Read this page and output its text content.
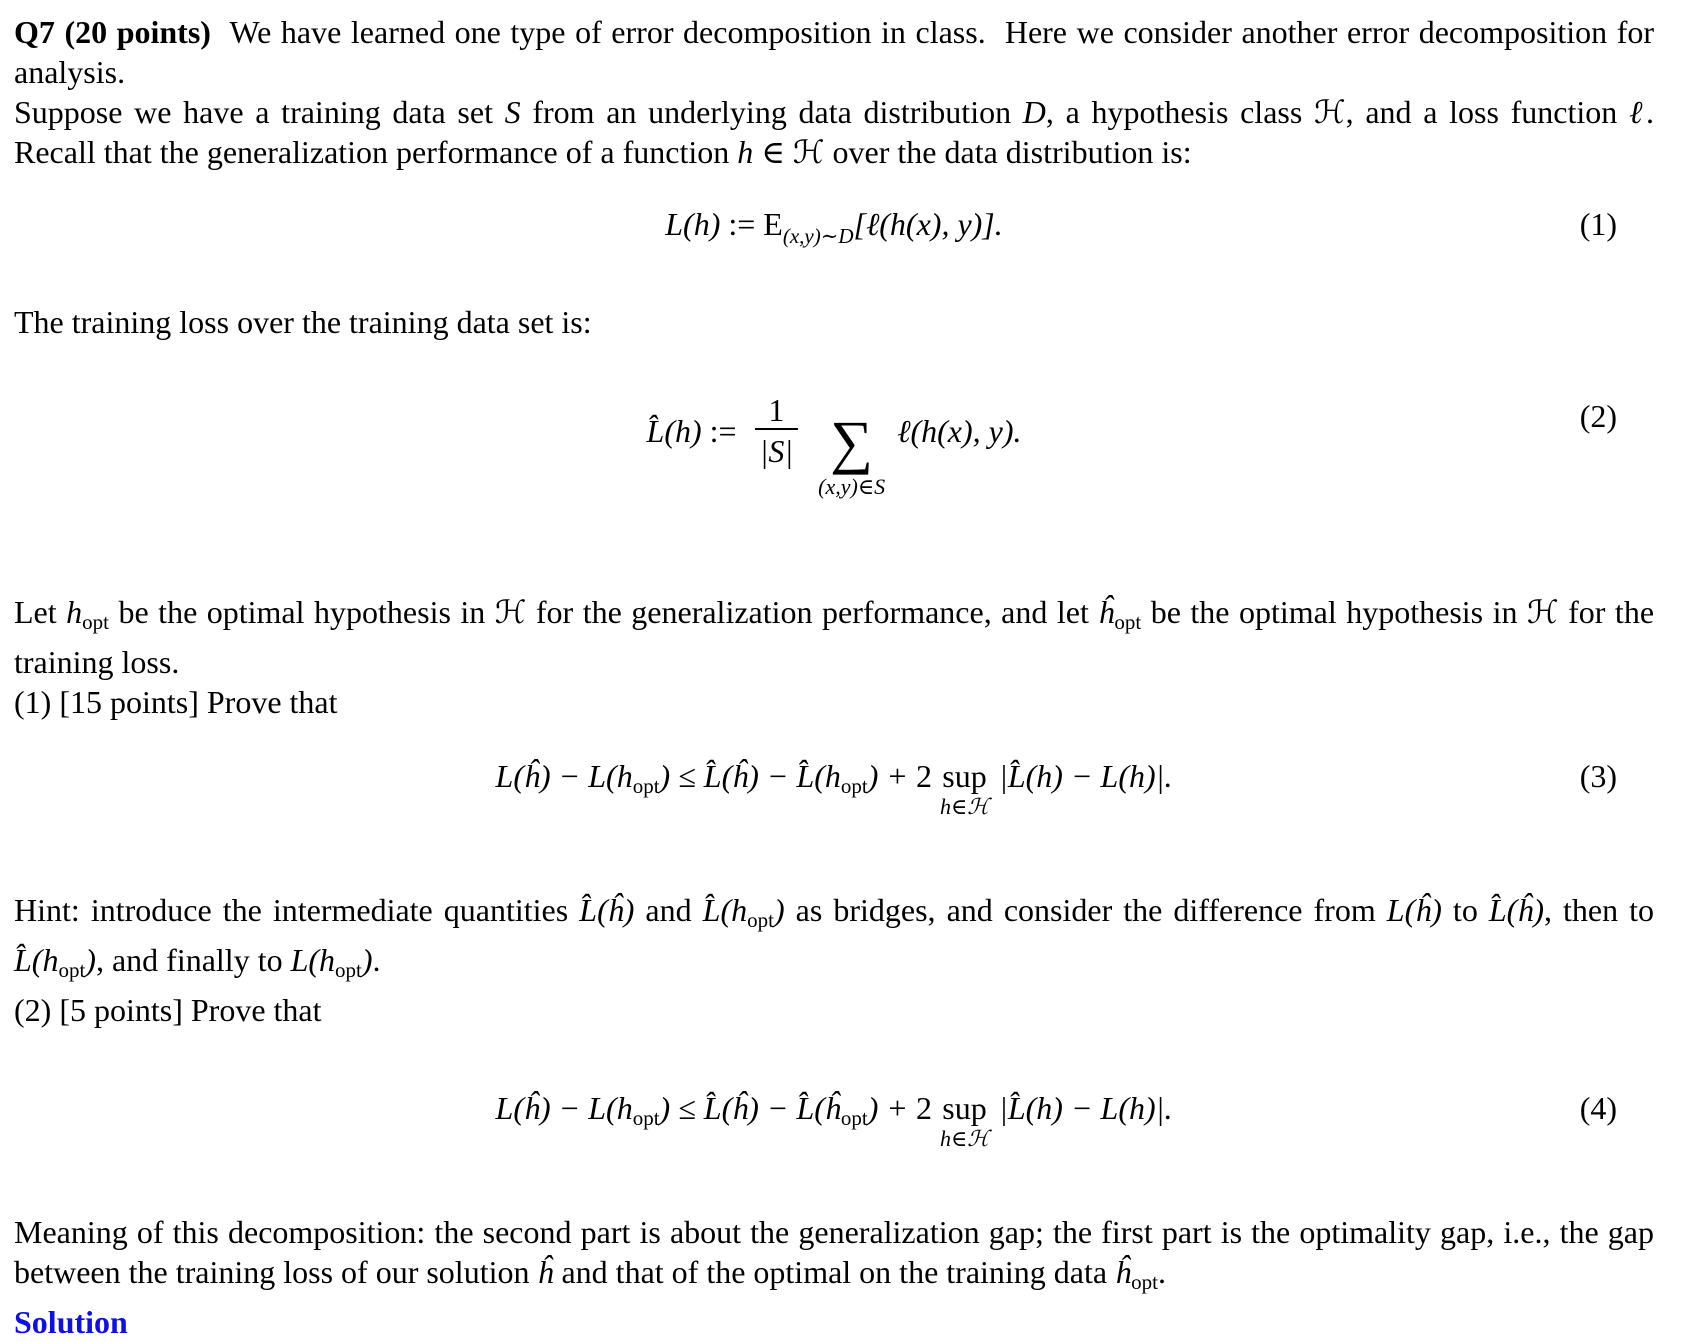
Q7 (20 points)  We have learned one type of error decomposition in class.  Here we consider another error decomposition for analysis.

Suppose we have a training data set S from an underlying data distribution D, a hypothesis class ℋ, and a loss function ℓ. Recall that the generalization performance of a function h ∈ ℋ over the data distribution is:

L(h) := $E_{(x,y)\sim D}[\ell(h(x)$, y)].	(1)

The training loss over the training data set is:

L̂(h) := $\frac{1}{|S|}$ ∑
(x,y)∈S
ℓ(h(x), y).	(2)

Let $h_{opt}$ be the optimal hypothesis in ℋ for the generalization performance, and let $ĥ_{opt}$ be the optimal hypothesis in ℋ for the training loss.

(1) [15 points] Prove that

L(ĥ) − $L(h_{opt})$ ≤ L̂(ĥ) − $L̂(h_{opt}) + 2$ sup
h∈ℋ
|L̂(h) − L(h)|.	(3)

Hint: introduce the intermediate quantities L̂(ĥ) and $L̂(h_{opt})$ as bridges, and consider the difference from L(ĥ) to L̂(ĥ), then to $L̂(h_{opt})$, and finally to $L(h_{opt})$.

(2) [5 points] Prove that

L(ĥ) − $L(h_{opt})$ ≤ L̂(ĥ) − $L̂(ĥ_{opt}) + 2$ sup
h∈ℋ
|L̂(h) − L(h)|.	(4)

Meaning of this decomposition: the second part is about the generalization gap; the first part is the optimality gap, i.e., the gap between the training loss of our solution ĥ and that of the optimal on the training data $ĥ_{opt}$.

Solution
